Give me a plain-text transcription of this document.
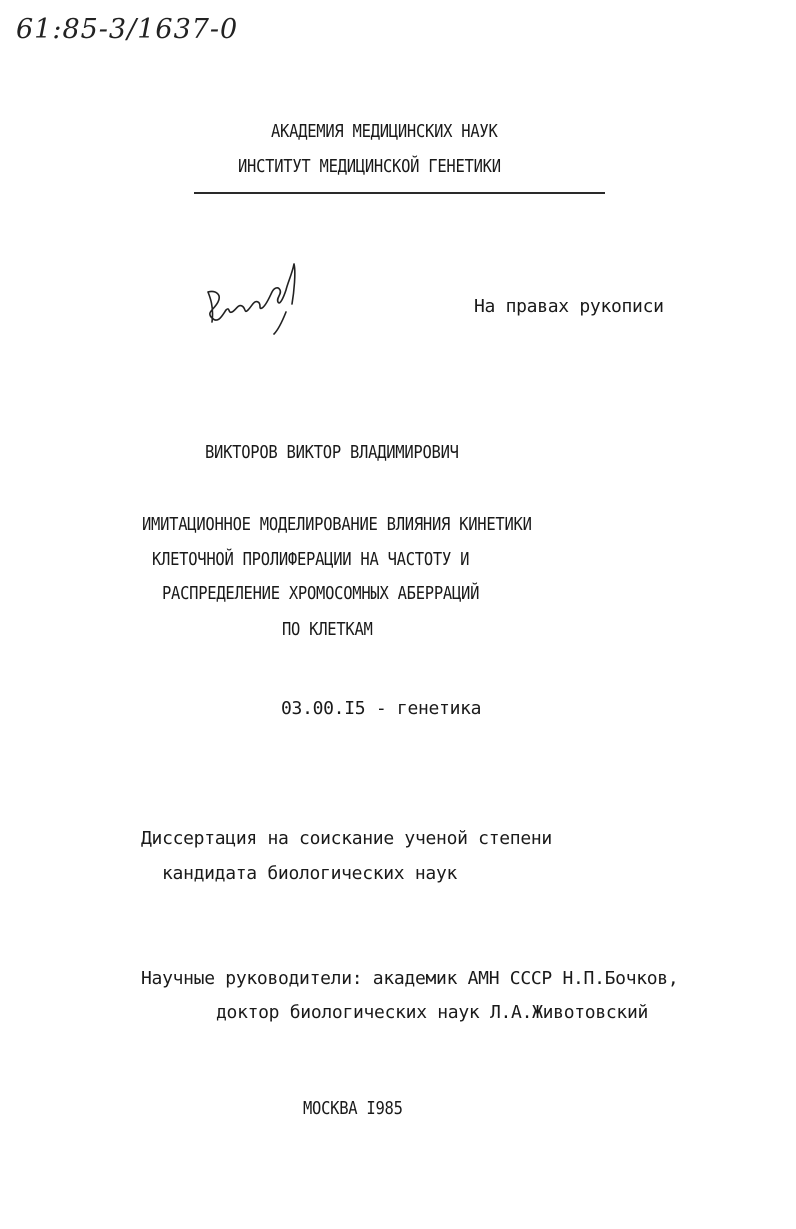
61:85-3/1637-0
АКАДЕМИЯ МЕДИЦИНСКИХ НАУК
ИНСТИТУТ МЕДИЦИНСКОЙ ГЕНЕТИКИ
На правах рукописи
ВИКТОРОВ ВИКТОР ВЛАДИМИРОВИЧ
ИМИТАЦИОННОЕ МОДЕЛИРОВАНИЕ ВЛИЯНИЯ КИНЕТИКИ
КЛЕТОЧНОЙ ПРОЛИФЕРАЦИИ НА ЧАСТОТУ И
РАСПРЕДЕЛЕНИЕ ХРОМОСОМНЫХ АБЕРРАЦИЙ
ПО КЛЕТКАМ
03.00.I5 - генетика
Диссертация на соискание ученой степени
кандидата биологических наук
Научные руководители: академик АМН СССР Н.П.Бочков,
доктор биологических наук Л.А.Животовский
МОСКВА I985
